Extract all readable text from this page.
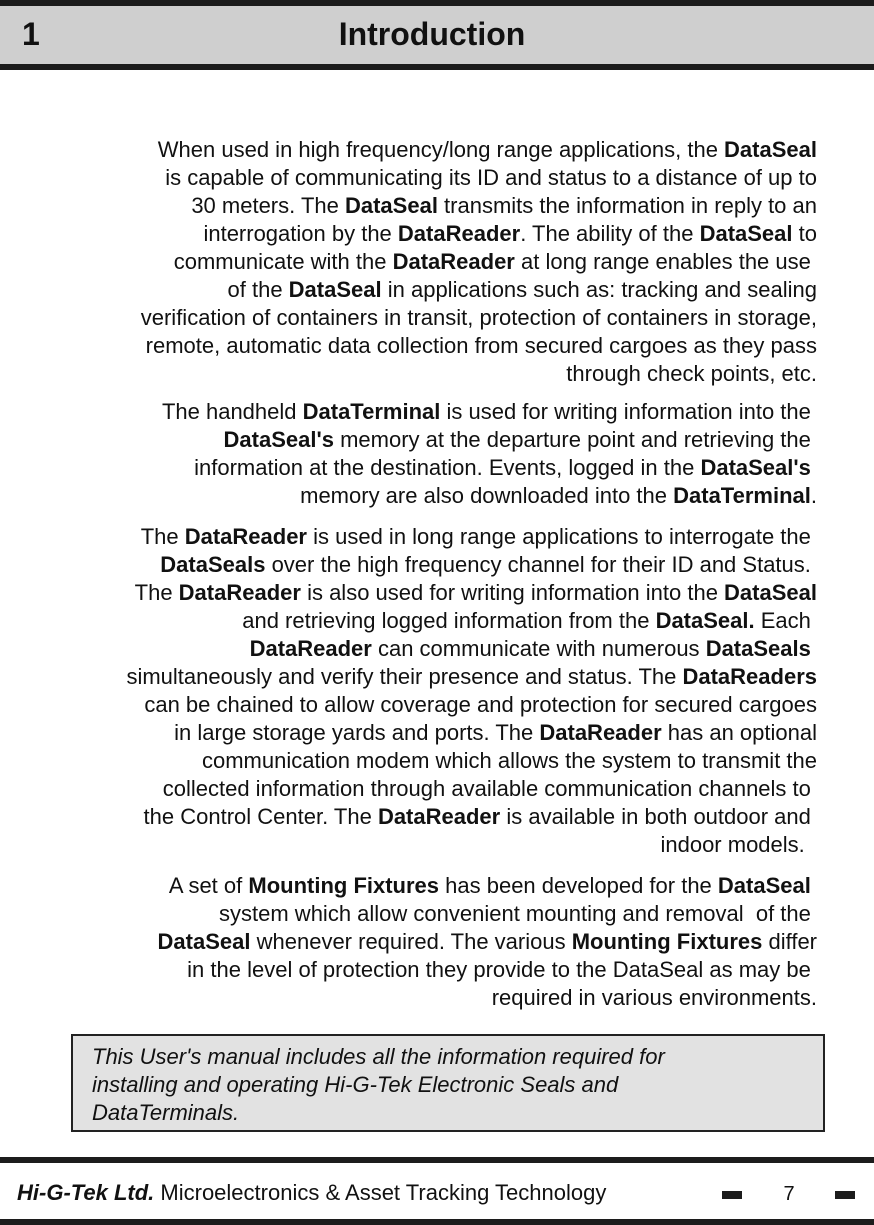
1	Introduction
When used in high frequency/long range applications, the DataSeal
is capable of communicating its ID and status to a distance of up to
30 meters. The DataSeal transmits the information in reply to an
interrogation by the DataReader. The ability of the DataSeal to
communicate with the DataReader at long range enables the use
of the DataSeal in applications such as: tracking and sealing
verification of containers in transit, protection of containers in storage,
remote, automatic data collection from secured cargoes as they pass
through check points, etc.
The handheld DataTerminal is used for writing information into the
DataSeal's memory at the departure point and retrieving the
information at the destination. Events, logged in the DataSeal's
memory are also downloaded into the DataTerminal.
The DataReader is used in long range applications to interrogate the
DataSeals over the high frequency channel for their ID and Status.
The DataReader is also used for writing information into the DataSeal
and retrieving logged information from the DataSeal. Each
DataReader can communicate with numerous DataSeals
simultaneously and verify their presence and status. The DataReaders
can be chained to allow coverage and protection for secured cargoes
in large storage yards and ports. The DataReader has an optional
communication modem which allows the system to transmit the
collected information through available communication channels to
the Control Center. The DataReader is available in both outdoor and
indoor models.
A set of Mounting Fixtures has been developed for the DataSeal
system which allow convenient mounting and removal  of the
DataSeal whenever required. The various Mounting Fixtures differ
in the level of protection they provide to the DataSeal as may be
required in various environments.
This User's manual includes all the information required for
installing and operating Hi-G-Tek Electronic Seals and
DataTerminals.
Hi-G-Tek Ltd. Microelectronics & Asset Tracking Technology	7
